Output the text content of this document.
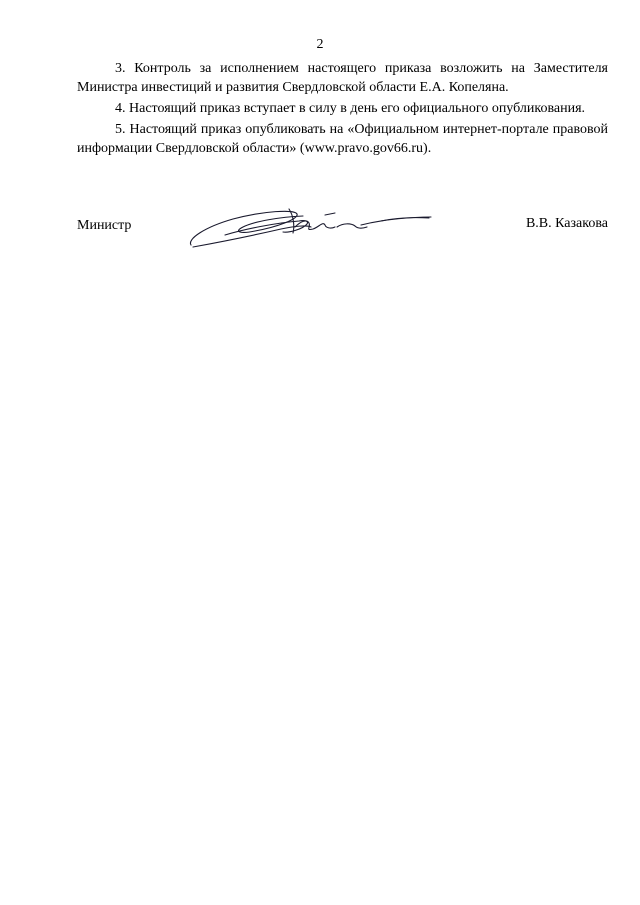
2

3. Контроль за исполнением настоящего приказа возложить на Заместителя Министра инвестиций и развития Свердловской области Е.А. Копеляна.

4. Настоящий приказ вступает в силу в день его официального опубликования.

5. Настоящий приказ опубликовать на «Официальном интернет-портале правовой информации Свердловской области» (www.pravo.gov66.ru).

Министр	В.В. Казакова
